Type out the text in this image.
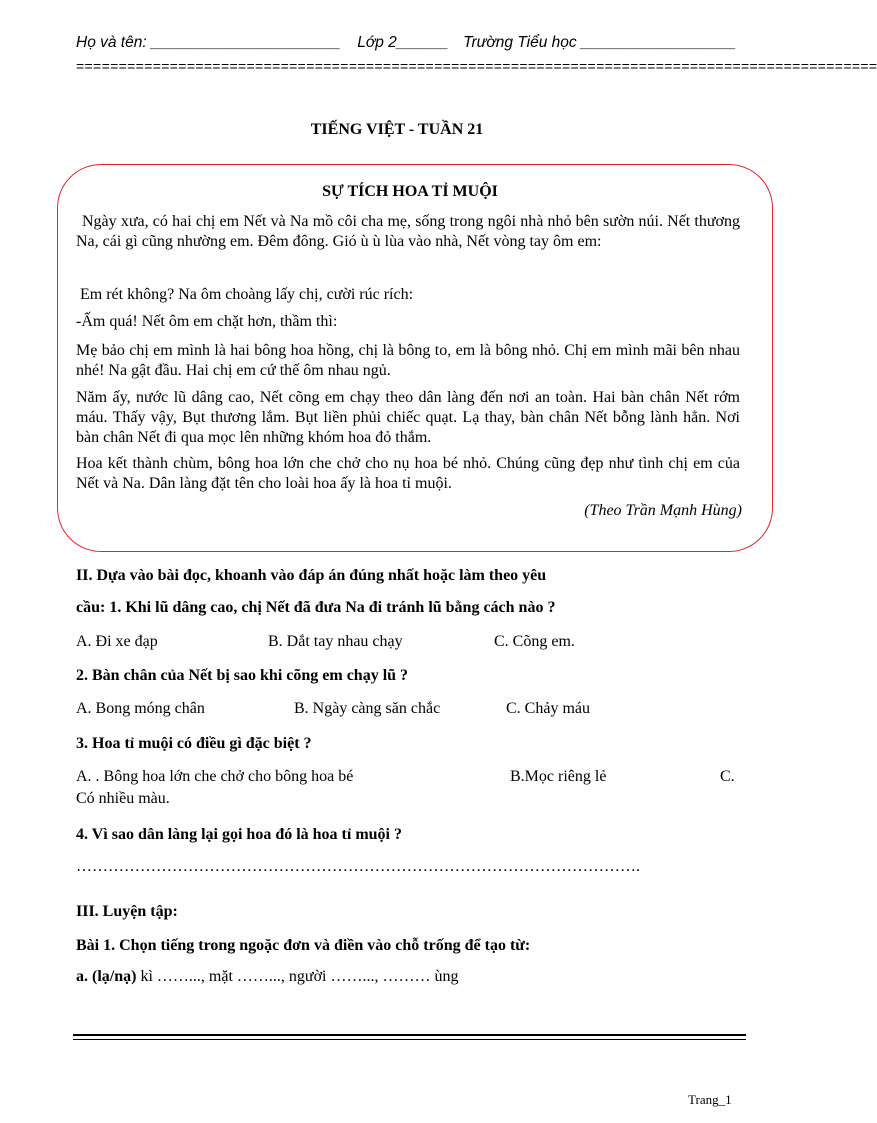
Họ và tên: ______________________  Lớp 2______ Trường Tiểu học __________________
==============================================================================================
TIẾNG VIỆT - TUẦN 21
SỰ TÍCH HOA TỈ MUỘI
Ngày xưa, có hai chị em Nết và Na mồ côi cha mẹ, sống trong ngôi nhà nhỏ bên sườn núi. Nết thương Na, cái gì cũng nhường em. Đêm đông. Gió ù ù lùa vào nhà, Nết vòng tay ôm em:
Em rét không? Na ôm choàng lấy chị, cười rúc rích:
-Ấm quá! Nết ôm em chặt hơn, thầm thì:
Mẹ bảo chị em mình là hai bông hoa hồng, chị là bông to, em là bông nhỏ. Chị em mình mãi bên nhau nhé! Na gật đầu. Hai chị em cứ thế ôm nhau ngủ.
Năm ấy, nước lũ dâng cao, Nết cõng em chạy theo dân làng đến nơi an toàn. Hai bàn chân Nết rớm máu. Thấy vậy, Bụt thương lắm. Bụt liền phủi chiếc quạt. Lạ thay, bàn chân Nết bỗng lành hẳn. Nơi bàn chân Nết đi qua mọc lên những khóm hoa đỏ thắm.
Hoa kết thành chùm, bông hoa lớn che chở cho nụ hoa bé nhỏ. Chúng cũng đẹp như tình chị em của Nết và Na. Dân làng đặt tên cho loài hoa ấy là hoa tỉ muội.
(Theo Trần Mạnh Hùng)
II. Dựa vào bài đọc, khoanh vào đáp án đúng nhất hoặc làm theo yêu
cầu: 1. Khi lũ dâng cao, chị Nết đã đưa Na đi tránh lũ bằng cách nào ?
A. Đi xe đạp	B. Dắt tay nhau chạy	C. Cõng em.
2. Bàn chân của Nết bị sao khi cõng em chạy lũ ?
A. Bong móng chân	B. Ngày càng săn chắc	C. Chảy máu
3. Hoa tỉ muội có điều gì đặc biệt ?
A. . Bông hoa lớn che chở cho bông hoa bé	B.Mọc riêng lẻ	C.
Có nhiều màu.
4. Vì sao dân làng lại gọi hoa đó là hoa tỉ muội ?
…………………………………………………………………………………………….
III. Luyện tập:
Bài 1. Chọn tiếng trong ngoặc đơn và điền vào chỗ trống để tạo từ:
a. (lạ/nạ) kì ……..., mặt ……..., người ……..., ……… ùng
Trang_1
